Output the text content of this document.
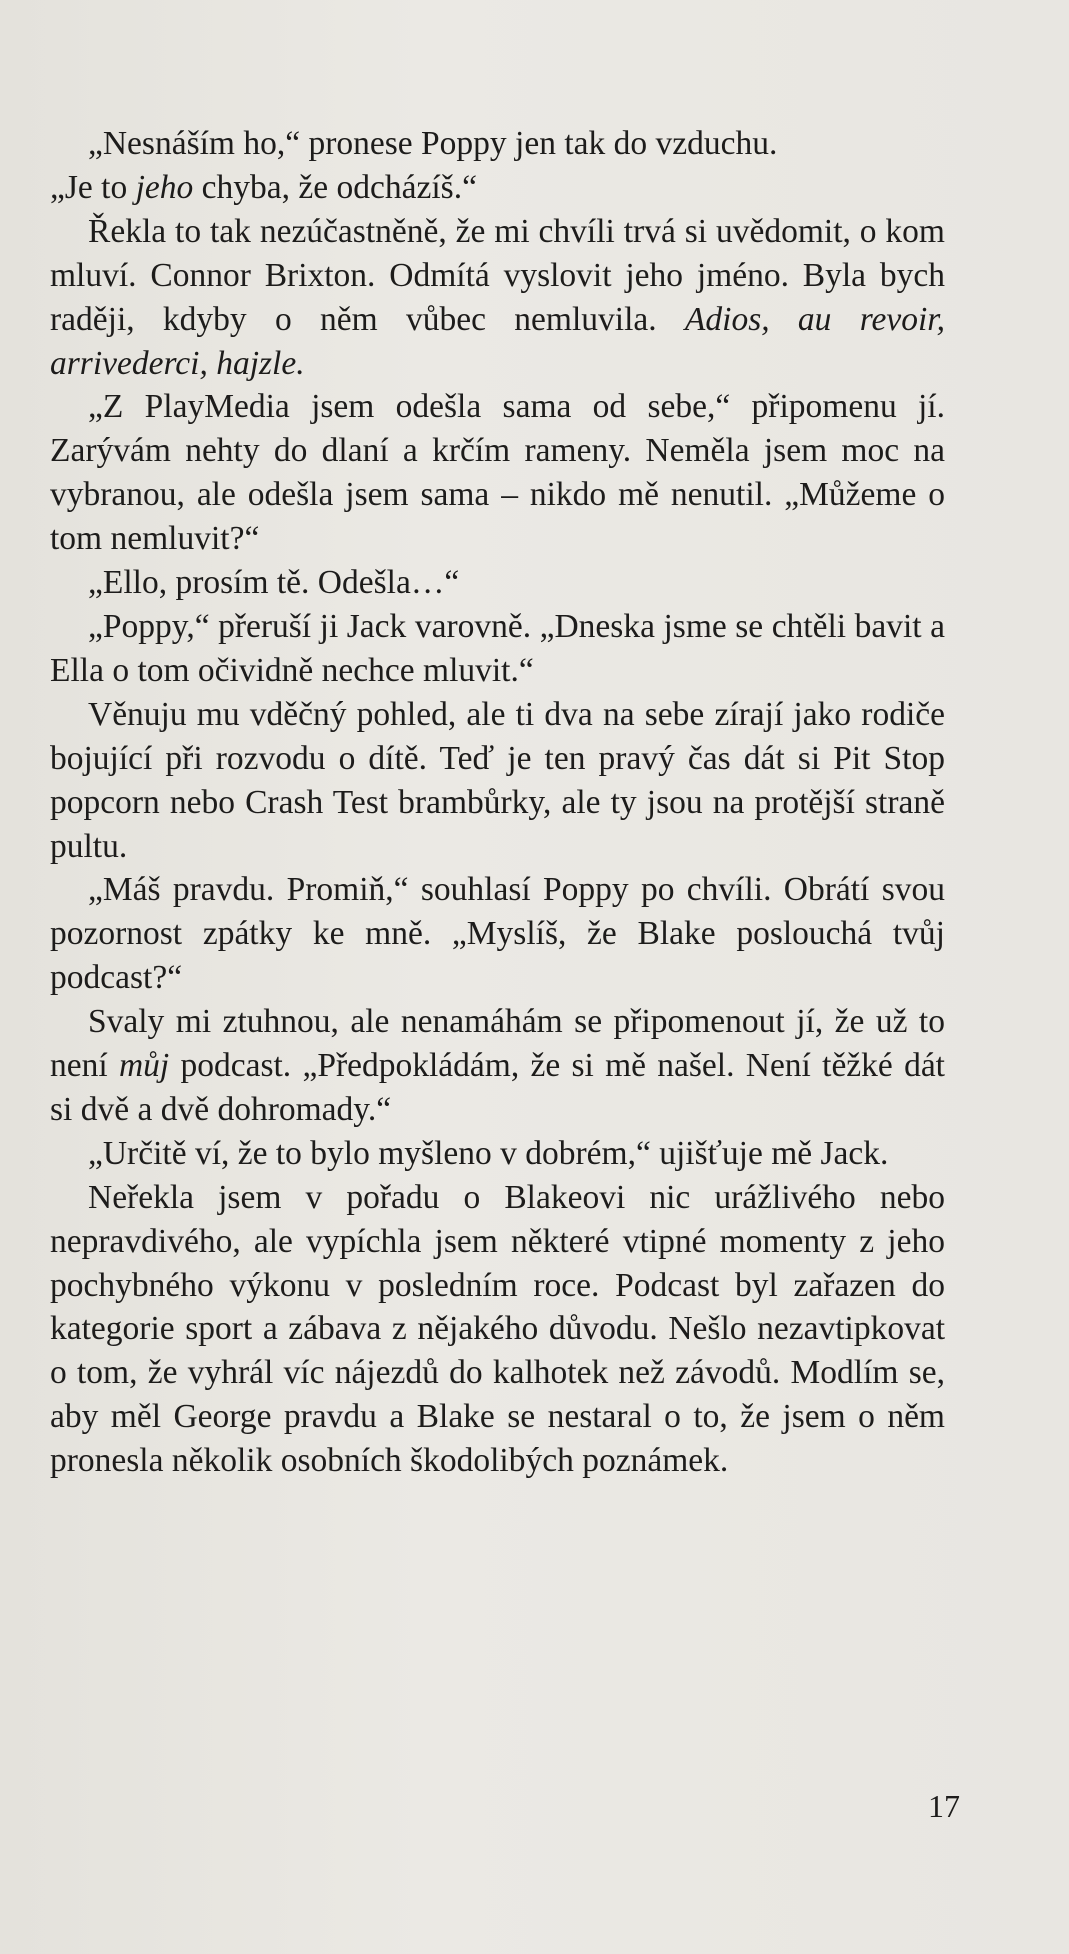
„Nesnáším ho,“ pronese Poppy jen tak do vzduchu.
„Je to jeho chyba, že odcházíš.“

Řekla to tak nezúčastněně, že mi chvíli trvá si uvědomit, o kom mluví. Connor Brixton. Odmítá vyslovit jeho jméno. Byla bych raději, kdyby o něm vůbec nemluvila. Adios, au revoir, arrivederci, hajzle.

„Z PlayMedia jsem odešla sama od sebe,“ připomenu jí. Zarývám nehty do dlaní a krčím rameny. Neměla jsem moc na vybranou, ale odešla jsem sama – nikdo mě nenutil. „Můžeme o tom nemluvit?“

„Ello, prosím tě. Odešla…“

„Poppy,“ přeruší ji Jack varovně. „Dneska jsme se chtěli bavit a Ella o tom očividně nechce mluvit.“

Věnuju mu vděčný pohled, ale ti dva na sebe zírají jako rodiče bojující při rozvodu o dítě. Teď je ten pravý čas dát si Pit Stop popcorn nebo Crash Test brambůrky, ale ty jsou na protější straně pultu.

„Máš pravdu. Promiň,“ souhlasí Poppy po chvíli. Obrátí svou pozornost zpátky ke mně. „Myslíš, že Blake poslouchá tvůj podcast?“

Svaly mi ztuhnou, ale nenamáhám se připomenout jí, že už to není můj podcast. „Předpokládám, že si mě našel. Není těžké dát si dvě a dvě dohromady.“

„Určitě ví, že to bylo myšleno v dobrém,“ ujišťuje mě Jack.

Neřekla jsem v pořadu o Blakeovi nic urážlivého nebo nepravdivého, ale vypíchla jsem některé vtipné momenty z jeho pochybného výkonu v posledním roce. Podcast byl zařazen do kategorie sport a zábava z nějakého důvodu. Nešlo nezavtipkovat o tom, že vyhrál víc nájezdů do kalhotek než závodů. Modlím se, aby měl George pravdu a Blake se nestaral o to, že jsem o něm pronesla několik osobních škodolibých poznámek.

17
